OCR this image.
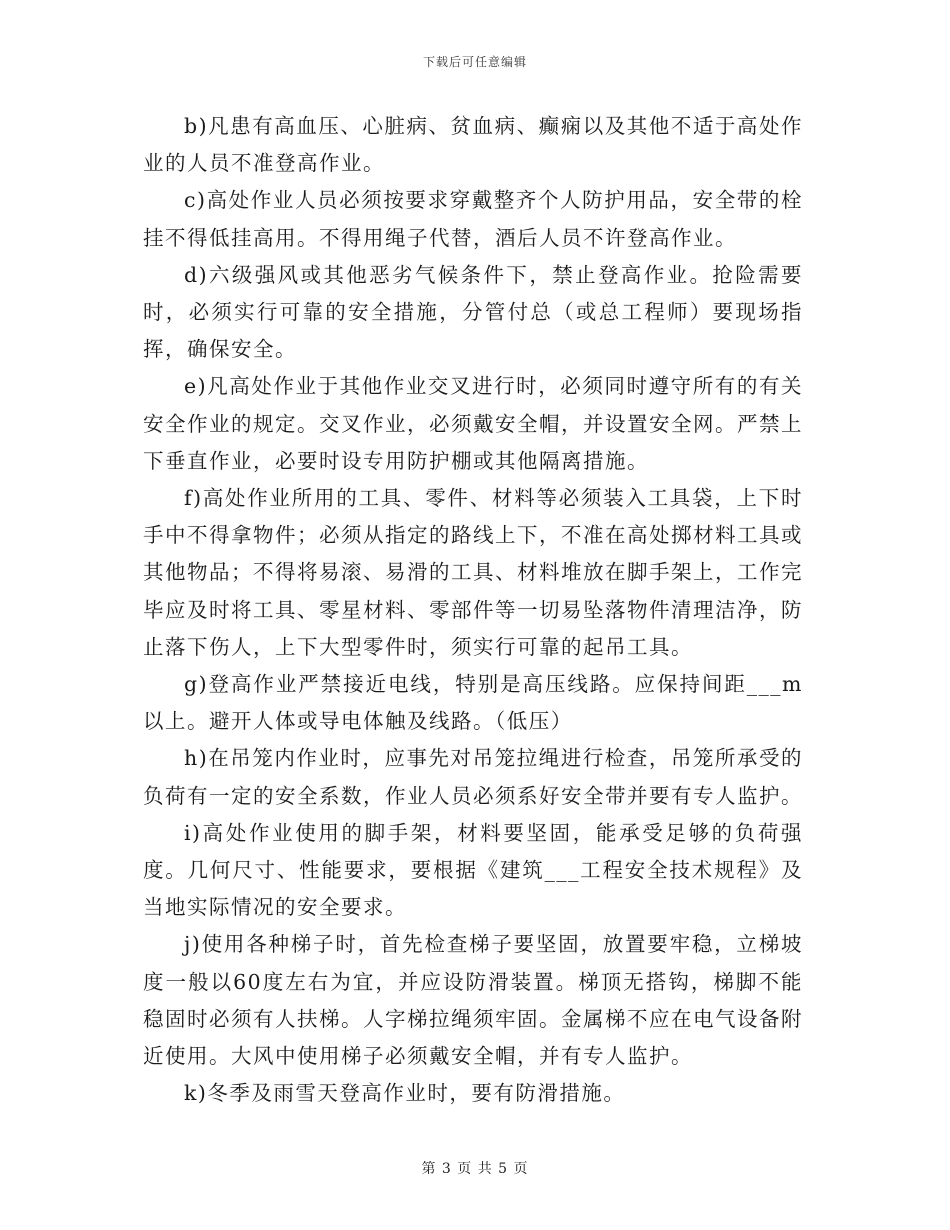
下载后可任意编辑

b)凡患有高血压、心脏病、贫血病、癫痫以及其他不适于高处作业的人员不准登高作业。

c)高处作业人员必须按要求穿戴整齐个人防护用品，安全带的栓挂不得低挂高用。不得用绳子代替，酒后人员不许登高作业。

d)六级强风或其他恶劣气候条件下，禁止登高作业。抢险需要时，必须实行可靠的安全措施，分管付总（或总工程师）要现场指挥，确保安全。

e)凡高处作业于其他作业交叉进行时，必须同时遵守所有的有关安全作业的规定。交叉作业，必须戴安全帽，并设置安全网。严禁上下垂直作业，必要时设专用防护棚或其他隔离措施。

f)高处作业所用的工具、零件、材料等必须装入工具袋，上下时手中不得拿物件；必须从指定的路线上下，不准在高处掷材料工具或其他物品；不得将易滚、易滑的工具、材料堆放在脚手架上，工作完毕应及时将工具、零星材料、零部件等一切易坠落物件清理洁净，防止落下伤人，上下大型零件时，须实行可靠的起吊工具。

g)登高作业严禁接近电线，特别是高压线路。应保持间距___m以上。避开人体或导电体触及线路。（低压）

h)在吊笼内作业时，应事先对吊笼拉绳进行检查，吊笼所承受的负荷有一定的安全系数，作业人员必须系好安全带并要有专人监护。

i)高处作业使用的脚手架，材料要坚固，能承受足够的负荷强度。几何尺寸、性能要求，要根据《建筑___工程安全技术规程》及当地实际情况的安全要求。

j)使用各种梯子时，首先检查梯子要坚固，放置要牢稳，立梯坡度一般以60度左右为宜，并应设防滑装置。梯顶无搭钩，梯脚不能稳固时必须有人扶梯。人字梯拉绳须牢固。金属梯不应在电气设备附近使用。大风中使用梯子必须戴安全帽，并有专人监护。

k)冬季及雨雪天登高作业时，要有防滑措施。

第 3 页 共 5 页
